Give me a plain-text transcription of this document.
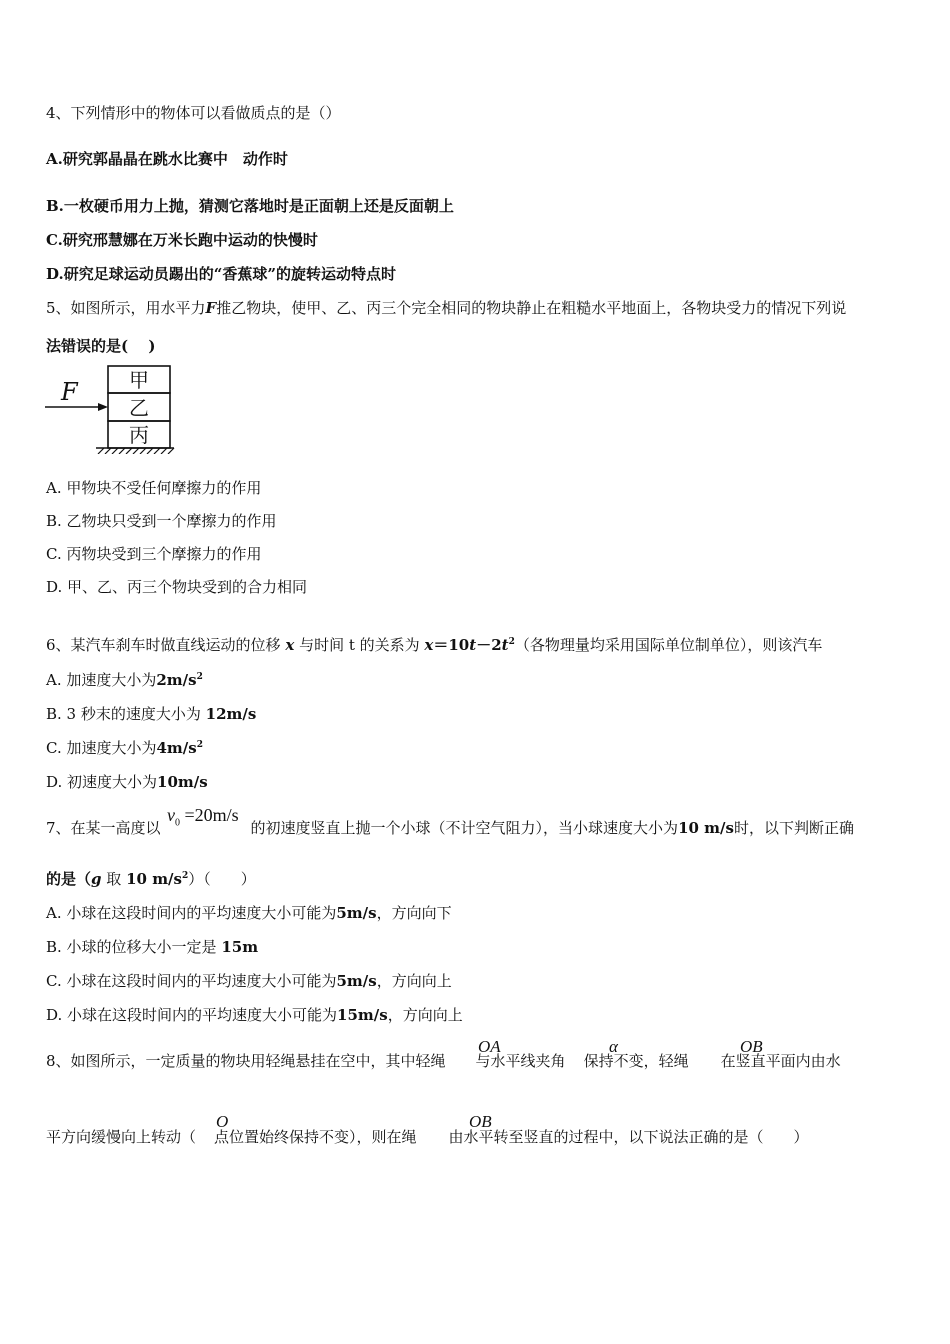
4、下列情形中的物体可以看做质点的是（）
A.研究郭晶晶在跳水比赛中　动作时
B.一枚硬币用力上抛，猜测它落地时是正面朝上还是反面朝上
C.研究邢慧娜在万米长跑中运动的快慢时
D.研究足球运动员踢出的“香蕉球”的旋转运动特点时
5、如图所示，用水平力F推乙物块，使甲、乙、丙三个完全相同的物块静止在粗糙水平地面上，各物块受力的情况下列说
法错误的是(　 )
F	甲
乙
丙
A. 甲物块不受任何摩擦力的作用
B. 乙物块只受到一个摩擦力的作用
C. 丙物块受到三个摩擦力的作用
D. 甲、乙、丙三个物块受到的合力相同
6、某汽车刹车时做直线运动的位移 x 与时间 t 的关系为 $x=10t-2t^2$（各物理量均采用国际单位制单位），则该汽车
A. 加速度大小为$2m/s^2$
B. 3 秒末的速度大小为 12m/s
C. 加速度大小为$4m/s^2$
D. 初速度大小为10m/s
7、在某一高度以	的初速度竖直上抛一个小球（不计空气阻力），当小球速度大小为10 m/s时，以下判断正确
$v_0 =20m/s$
的是（g 取 10 $m/s^2$）（　　）
A. 小球在这段时间内的平均速度大小可能为5m/s，方向向下
B. 小球的位移大小一定是 15m
C. 小球在这段时间内的平均速度大小可能为5m/s，方向向上
D. 小球在这段时间内的平均速度大小可能为15m/s，方向向上
8、如图所示，一定质量的物块用轻绳悬挂在空中，其中轻绳 与水平线夹角 保持不变，轻绳 在竖直平面内由水
OA	α	OB
平方向缓慢向上转动（ 点位置始终保持不变），则在绳 由水平转至竖直的过程中，以下说法正确的是（　　）
O	OB
